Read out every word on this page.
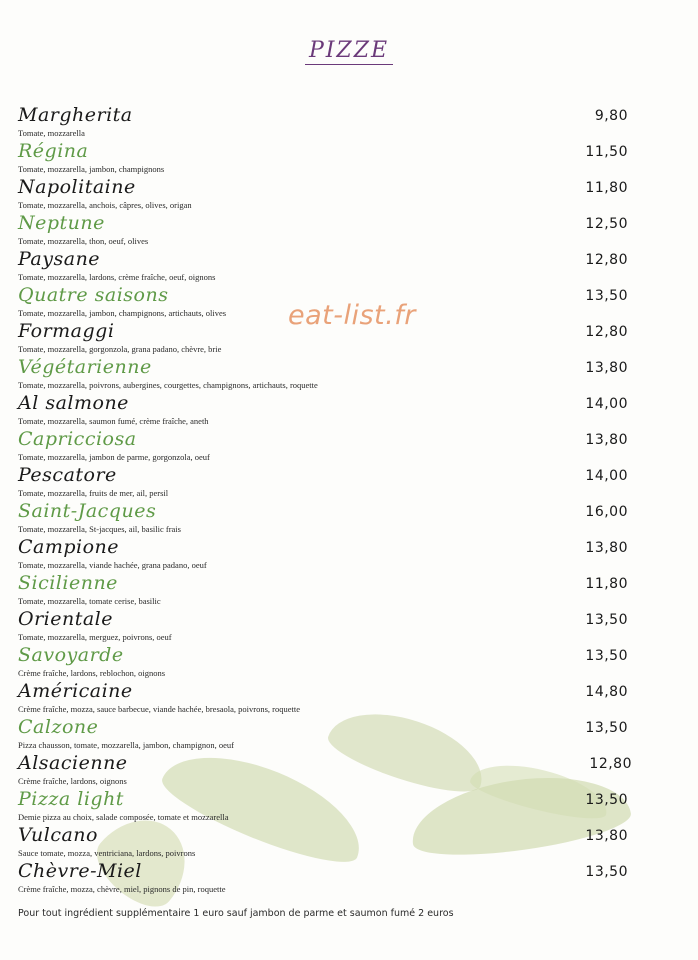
PIZZE
eat-list.fr
Margherita
Tomate, mozzarella
9,80
Régina
Tomate, mozzarella, jambon, champignons
11,50
Napolitaine
Tomate, mozzarella, anchois, câpres, olives, origan
11,80
Neptune
Tomate, mozzarella, thon, oeuf, olives
12,50
Paysane
Tomate, mozzarella, lardons, crème fraîche, oeuf, oignons
12,80
Quatre saisons
Tomate, mozzarella, jambon, champignons, artichauts, olives
13,50
Formaggi
Tomate, mozzarella, gorgonzola, grana padano, chèvre, brie
12,80
Végétarienne
Tomate, mozzarella, poivrons, aubergines, courgettes, champignons, artichauts, roquette
13,80
Al salmone
Tomate, mozzarella, saumon fumé, crème fraîche, aneth
14,00
Capricciosa
Tomate, mozzarella, jambon de parme, gorgonzola, oeuf
13,80
Pescatore
Tomate, mozzarella, fruits de mer, ail, persil
14,00
Saint-Jacques
Tomate, mozzarella, St-jacques, ail, basilic frais
16,00
Campione
Tomate, mozzarella, viande hachée, grana padano, oeuf
13,80
Sicilienne
Tomate, mozzarella, tomate cerise, basilic
11,80
Orientale
Tomate, mozzarella, merguez, poivrons, oeuf
13,50
Savoyarde
Crème fraîche, lardons, reblochon, oignons
13,50
Américaine
Crème fraîche, mozza, sauce barbecue, viande hachée, bresaola, poivrons, roquette
14,80
Calzone
Pizza chausson, tomate, mozzarella, jambon, champignon, oeuf
13,50
Alsacienne
Crème fraîche, lardons, oignons
12,80
Pizza light
Demie pizza au choix, salade composée, tomate et mozzarella
13,50
Vulcano
Sauce tomate, mozza, ventriciana, lardons, poivrons
13,80
Chèvre-Miel
Crème fraîche, mozza, chèvre, miel, pignons de pin, roquette
13,50
Pour tout ingrédient supplémentaire 1 euro sauf jambon de parme et saumon fumé 2 euros
